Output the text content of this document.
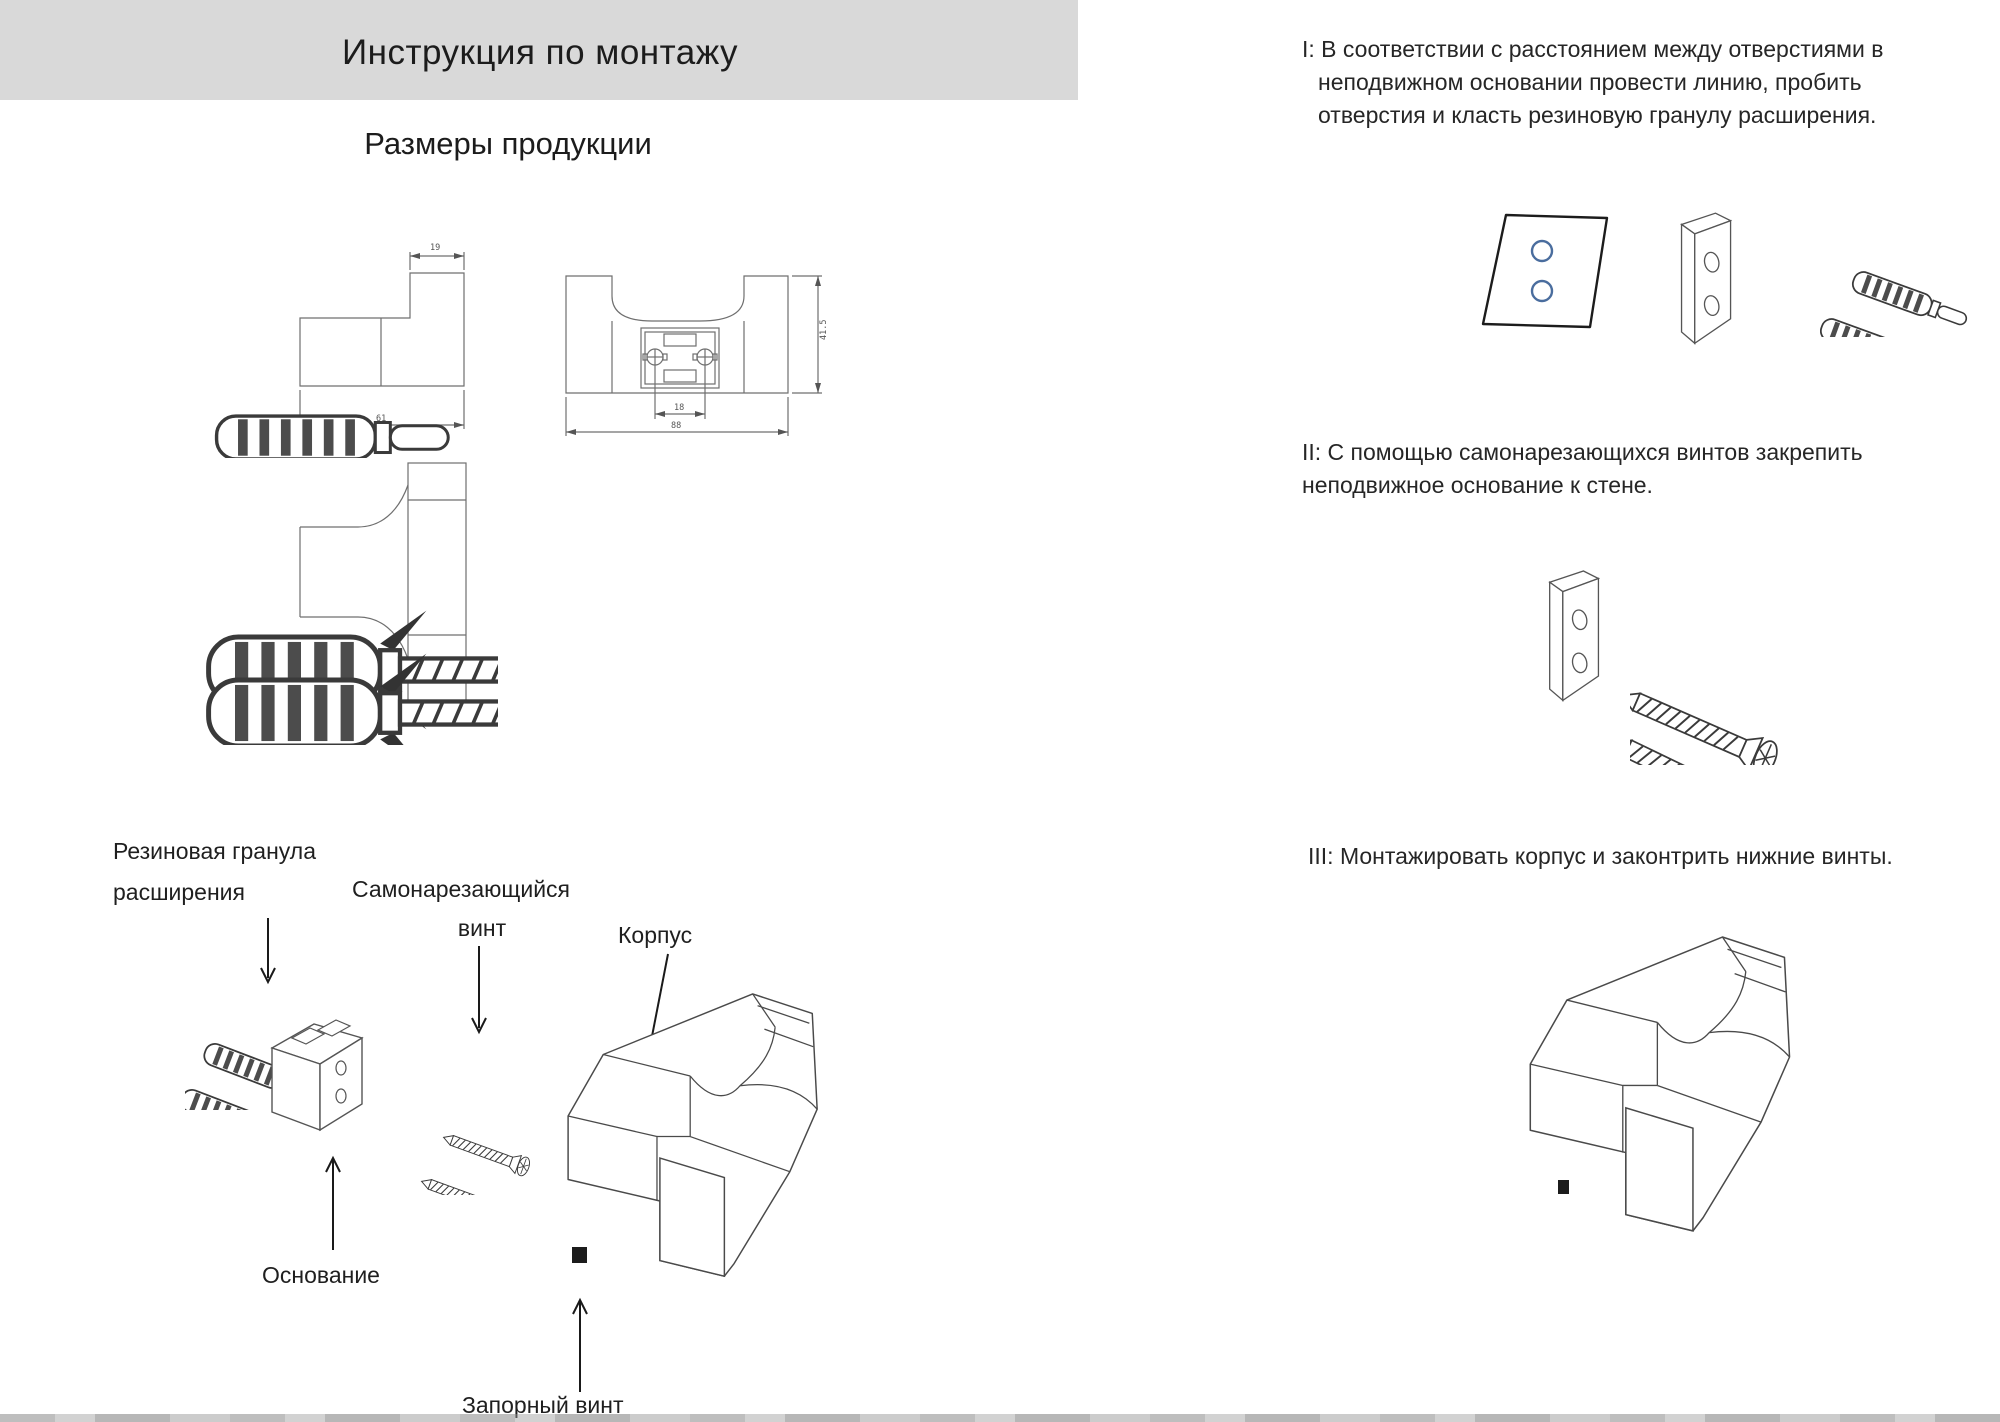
Инструкция по монтажу
Размеры продукции
19
61
41.5
18
88
Резиновая гранула
расширения	Самонарезающийся
винт	Корпус
Основание
Запорный винт
I: В соответствии с расстоянием между отверстиями в
неподвижном основании провести линию, пробить
отверстия и класть резиновую гранулу расширения.
II: С помощью самонарезающихся винтов закрепить
неподвижное основание к стене.
III: Монтажировать корпус и законтрить нижние винты.
